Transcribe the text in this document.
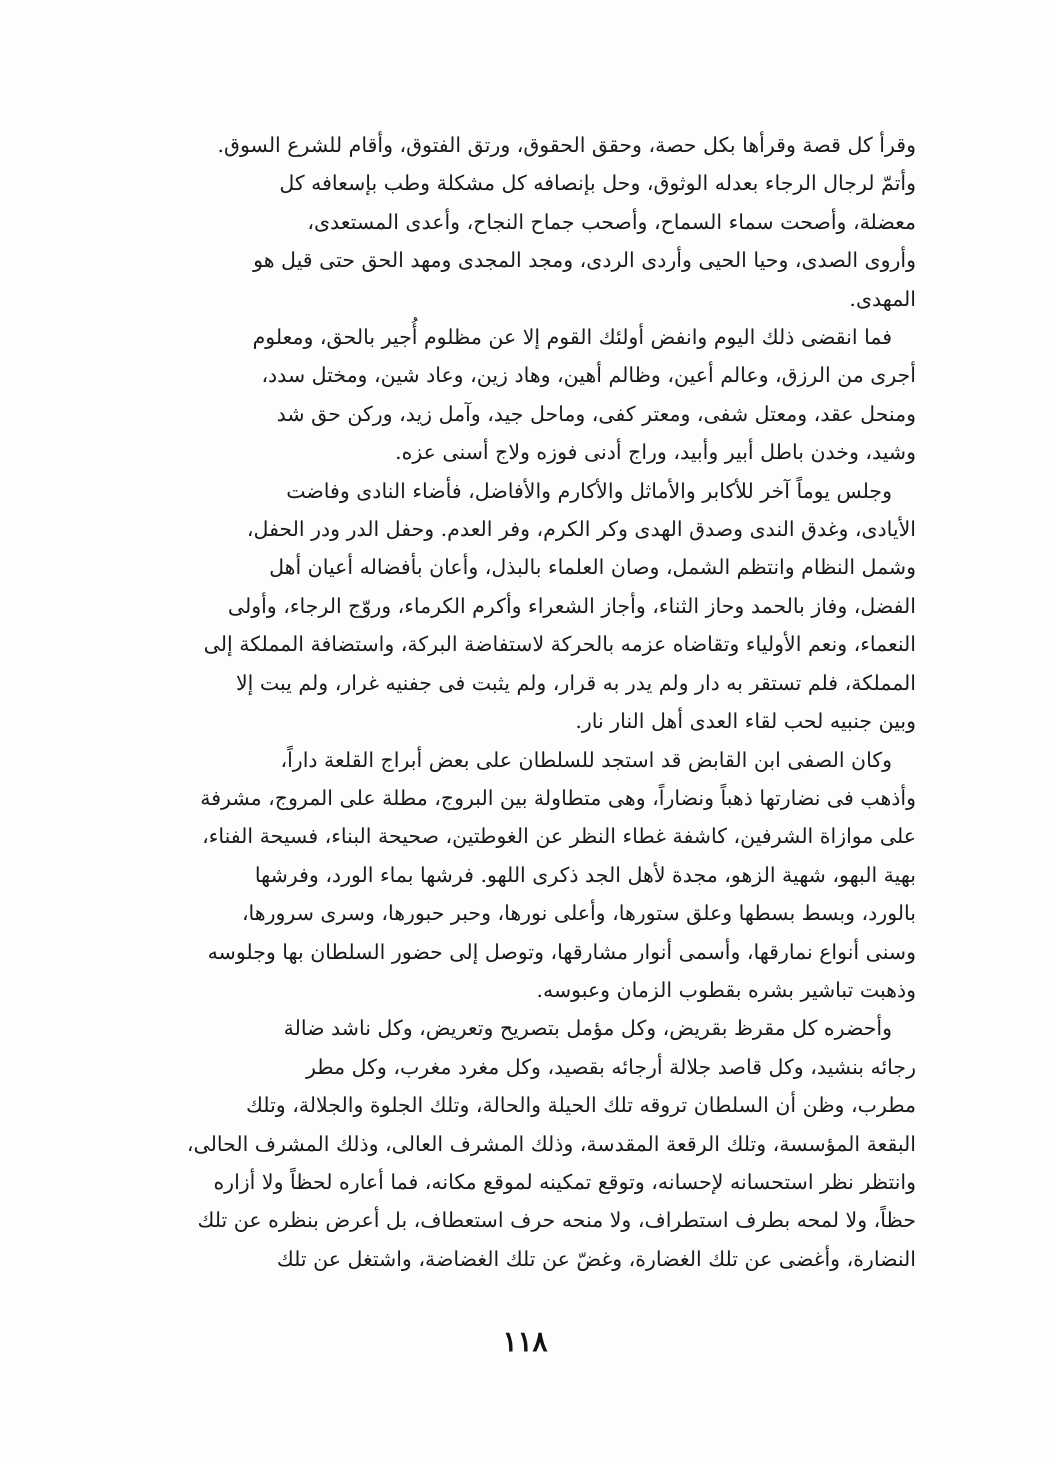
وقرأ كل قصة وقرأها بكل حصة، وحقق الحقوق، ورتق الفتوق، وأقام للشرع السوق.
وأتمّ لرجال الرجاء بعدله الوثوق، وحل بإنصافه كل مشكلة وطب بإسعافه كل
معضلة، وأصحت سماء السماح، وأصحب جماح النجاح، وأعدى المستعدى،
وأروى الصدى، وحيا الحيى وأردى الردى، ومجد المجدى ومهد الحق حتى قيل هو
المهدى.

فما انقضى ذلك اليوم وانفض أولئك القوم إلا عن مظلوم أُجير بالحق، ومعلوم
أجرى من الرزق، وعالم أعين، وظالم أهين، وهاد زين، وعاد شين، ومختل سدد،
ومنحل عقد، ومعتل شفى، ومعتر كفى، وماحل جيد، وآمل زيد، وركن حق شد
وشيد، وخدن باطل أبير وأبيد، وراج أدنى فوزه ولاج أسنى عزه.

وجلس يوماً آخر للأكابر والأماثل والأكارم والأفاضل، فأضاء النادى وفاضت
الأيادى، وغدق الندى وصدق الهدى وكر الكرم، وفر العدم. وحفل الدر ودر الحفل،
وشمل النظام وانتظم الشمل، وصان العلماء بالبذل، وأعان بأفضاله أعيان أهل
الفضل، وفاز بالحمد وحاز الثناء، وأجاز الشعراء وأكرم الكرماء، وروّج الرجاء، وأولى
النعماء، ونعم الأولياء وتقاضاه عزمه بالحركة لاستفاضة البركة، واستضافة المملكة إلى
المملكة، فلم تستقر به دار ولم يدر به قرار، ولم يثبت فى جفنيه غرار، ولم يبت إلا
وبين جنبيه لحب لقاء العدى أهل النار نار.

وكان الصفى ابن القابض قد استجد للسلطان على بعض أبراج القلعة داراً،
وأذهب فى نضارتها ذهباً ونضاراً، وهى متطاولة بين البروج، مطلة على المروج، مشرفة
على موازاة الشرفين، كاشفة غطاء النظر عن الغوطتين، صحيحة البناء، فسيحة الفناء،
بهية البهو، شهية الزهو، مجدة لأهل الجد ذكرى اللهو. فرشها بماء الورد، وفرشها
بالورد، وبسط بسطها وعلق ستورها، وأعلى نورها، وحبر حبورها، وسرى سرورها،
وسنى أنواع نمارقها، وأسمى أنوار مشارقها، وتوصل إلى حضور السلطان بها وجلوسه
وذهبت تباشير بشره بقطوب الزمان وعبوسه.

وأحضره كل مقرظ بقريض، وكل مؤمل بتصريح وتعريض، وكل ناشد ضالة
رجائه بنشيد، وكل قاصد جلالة أرجائه بقصيد، وكل مغرد مغرب، وكل مطر
مطرب، وظن أن السلطان تروقه تلك الحيلة والحالة، وتلك الجلوة والجلالة، وتلك
البقعة المؤسسة، وتلك الرقعة المقدسة، وذلك المشرف العالى، وذلك المشرف الحالى،
وانتظر نظر استحسانه لإحسانه، وتوقع تمكينه لموقع مكانه، فما أعاره لحظاً ولا أزاره
حظاً، ولا لمحه بطرف استطراف، ولا منحه حرف استعطاف، بل أعرض بنظره عن تلك
النضارة، وأغضى عن تلك الغضارة، وغضّ عن تلك الغضاضة، واشتغل عن تلك

١١٨
